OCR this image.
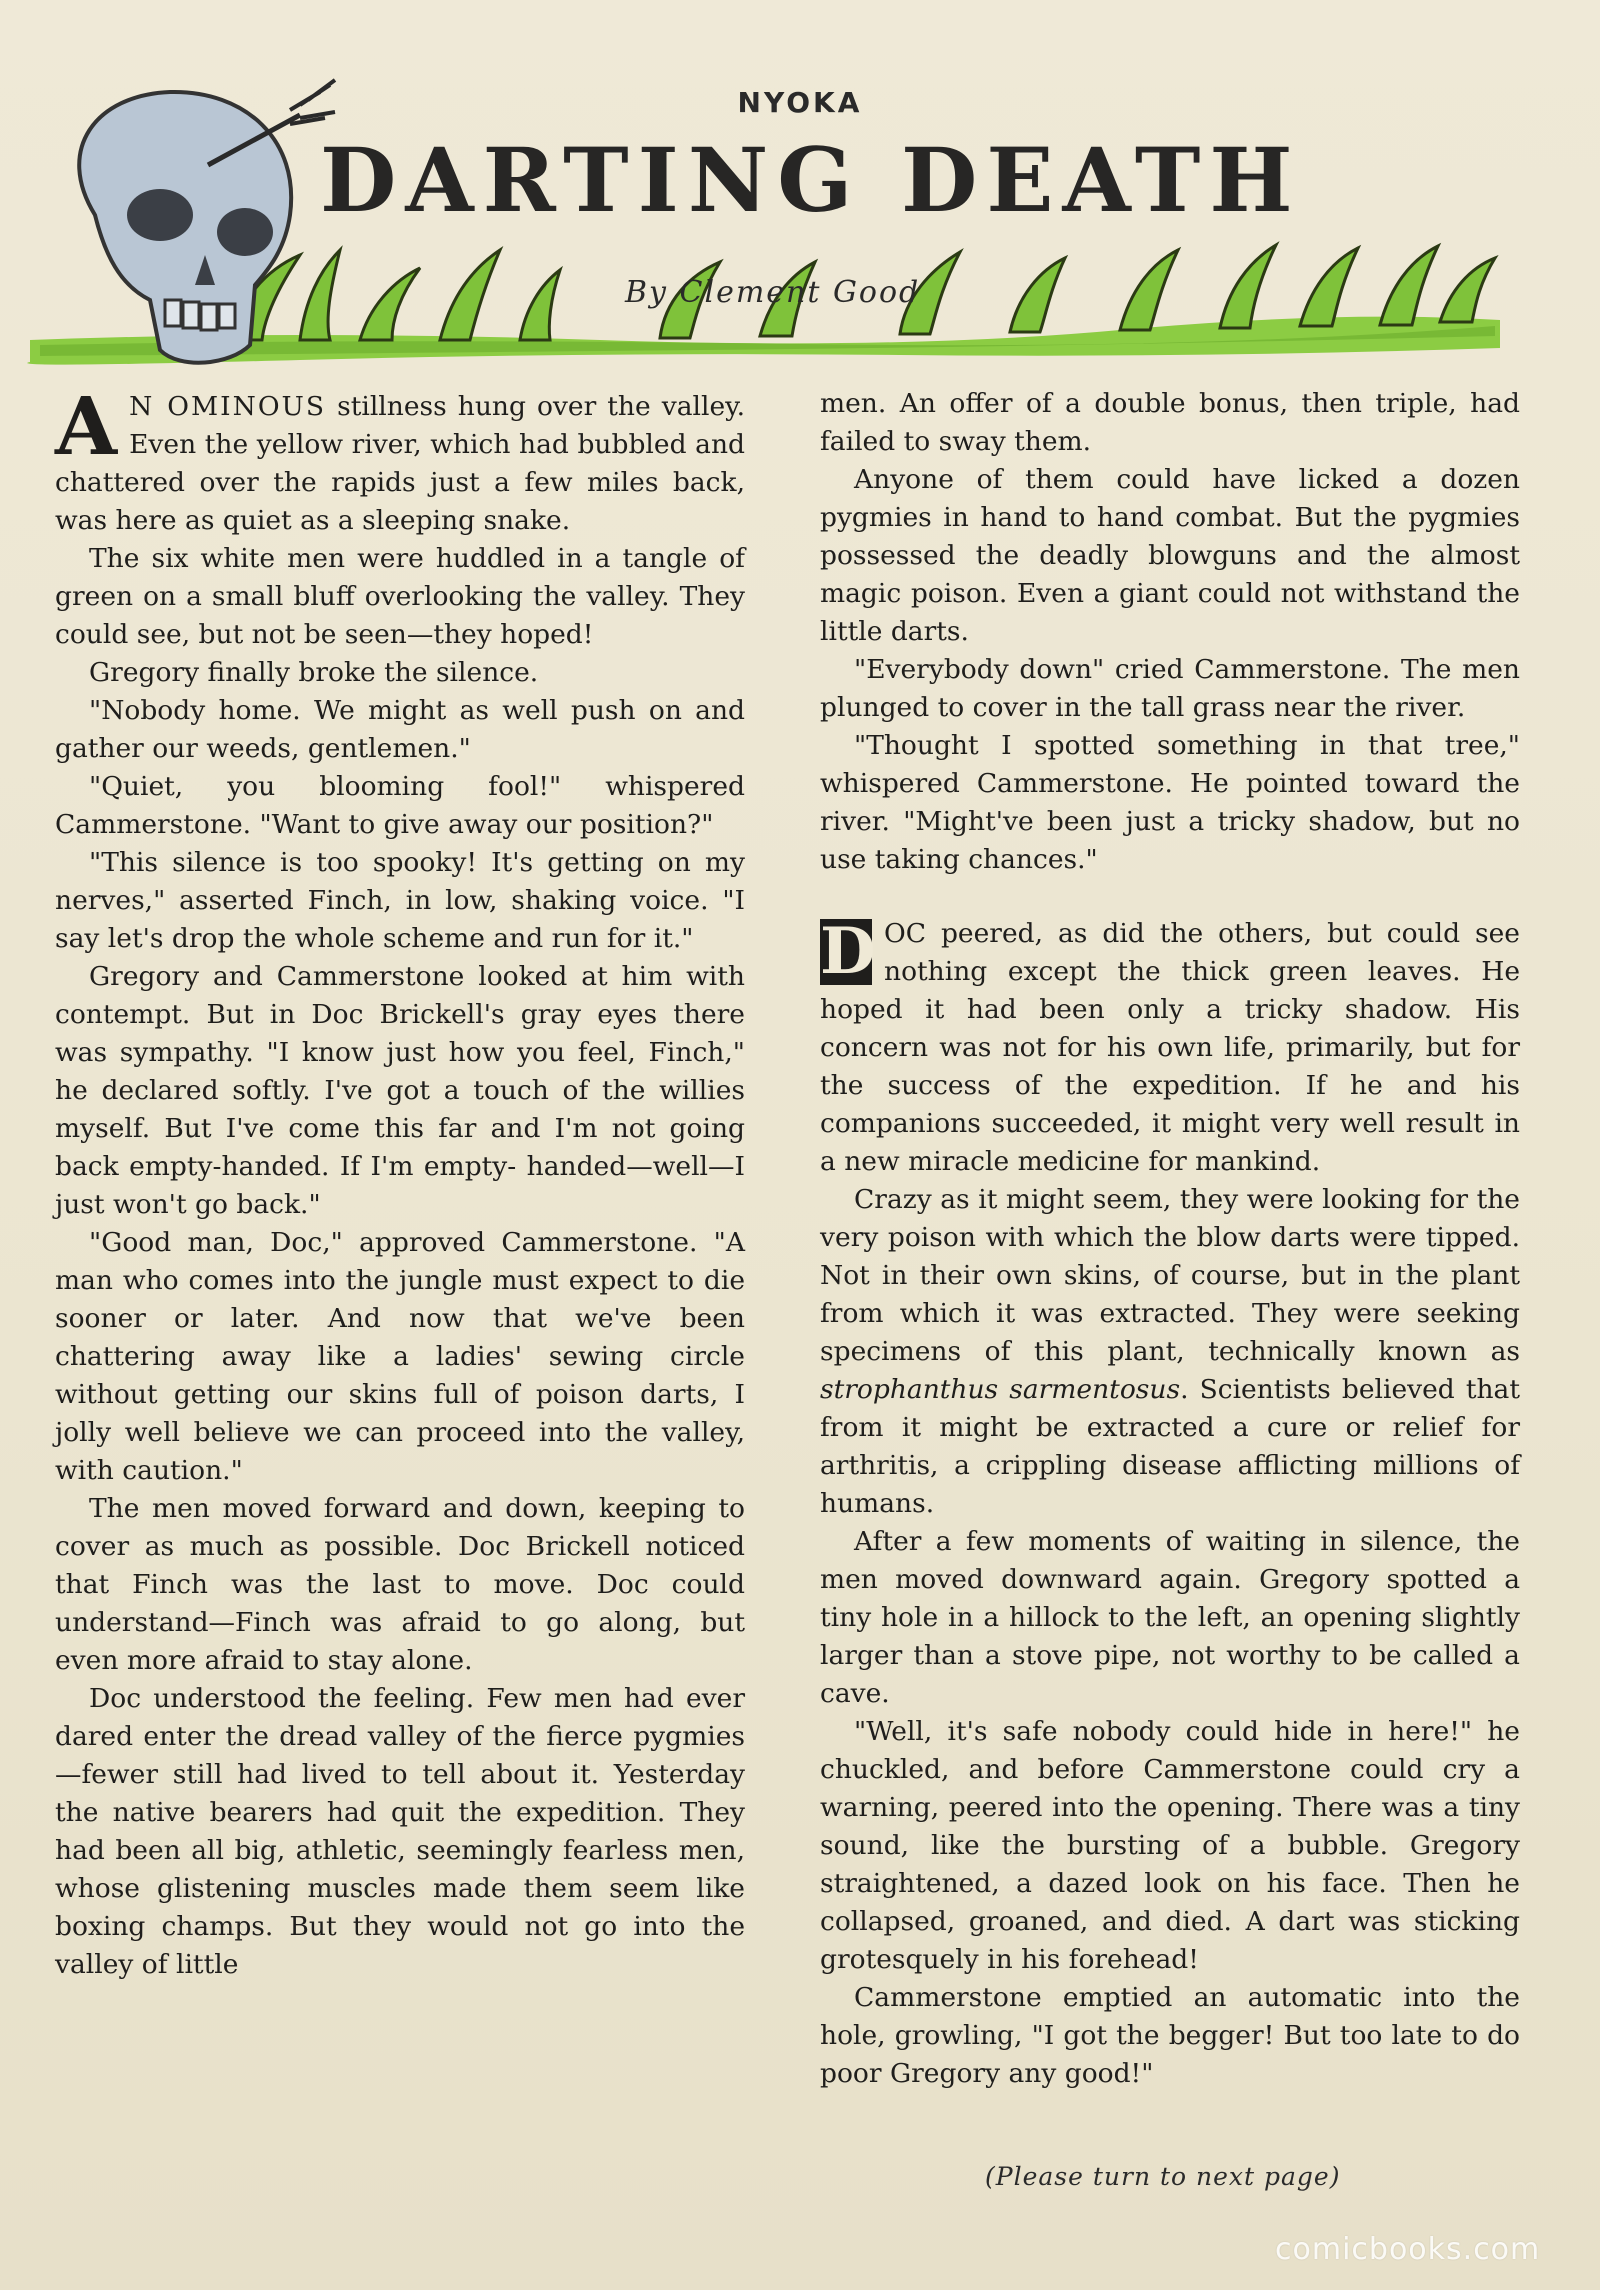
NYOKA
DARTING DEATH
By Clement Good

A N OMINOUS stillness hung over the valley. Even the yellow river, which had bubbled and chattered over the rapids just a few miles back, was here as quiet as a sleeping snake.

The six white men were huddled in a tangle of green on a small bluff overlooking the valley. They could see, but not be seen—they hoped!

Gregory finally broke the silence.

"Nobody home. We might as well push on and gather our weeds, gentlemen."

"Quiet, you blooming fool!" whispered Cammerstone. "Want to give away our position?"

"This silence is too spooky! It's getting on my nerves," asserted Finch, in low, shaking voice. "I say let's drop the whole scheme and run for it."

Gregory and Cammerstone looked at him with contempt. But in Doc Brickell's gray eyes there was sympathy. "I know just how you feel, Finch," he declared softly. I've got a touch of the willies myself. But I've come this far and I'm not going back empty-handed. If I'm empty- handed—well—I just won't go back."

"Good man, Doc," approved Cammerstone. "A man who comes into the jungle must expect to die sooner or later. And now that we've been chattering away like a ladies' sewing circle without getting our skins full of poison darts, I jolly well believe we can proceed into the valley, with caution."

The men moved forward and down, keeping to cover as much as possible. Doc Brickell noticed that Finch was the last to move. Doc could understand—Finch was afraid to go along, but even more afraid to stay alone.

Doc understood the feeling. Few men had ever dared enter the dread valley of the fierce pygmies—fewer still had lived to tell about it. Yesterday the native bearers had quit the expedition. They had been all big, athletic, seemingly fearless men, whose glistening muscles made them seem like boxing champs. But they would not go into the valley of little

men. An offer of a double bonus, then triple, had failed to sway them.

Anyone of them could have licked a dozen pygmies in hand to hand combat. But the pygmies possessed the deadly blowguns and the almost magic poison. Even a giant could not withstand the little darts.

"Everybody down" cried Cammerstone. The men plunged to cover in the tall grass near the river.

"Thought I spotted something in that tree," whispered Cammerstone. He pointed toward the river. "Might've been just a tricky shadow, but no use taking chances."

D OC peered, as did the others, but could see nothing except the thick green leaves. He hoped it had been only a tricky shadow. His concern was not for his own life, primarily, but for the success of the expedition. If he and his companions succeeded, it might very well result in a new miracle medicine for mankind.

Crazy as it might seem, they were looking for the very poison with which the blow darts were tipped. Not in their own skins, of course, but in the plant from which it was extracted. They were seeking specimens of this plant, technically known as strophanthus sarmentosus. Scientists believed that from it might be extracted a cure or relief for arthritis, a crippling disease afflicting millions of humans.

After a few moments of waiting in silence, the men moved downward again. Gregory spotted a tiny hole in a hillock to the left, an opening slightly larger than a stove pipe, not worthy to be called a cave.

"Well, it's safe nobody could hide in here!" he chuckled, and before Cammerstone could cry a warning, peered into the opening. There was a tiny sound, like the bursting of a bubble. Gregory straightened, a dazed look on his face. Then he collapsed, groaned, and died. A dart was sticking grotesquely in his forehead!

Cammerstone emptied an automatic into the hole, growling, "I got the begger! But too late to do poor Gregory any good!"

(Please turn to next page)
comicbooks.com
